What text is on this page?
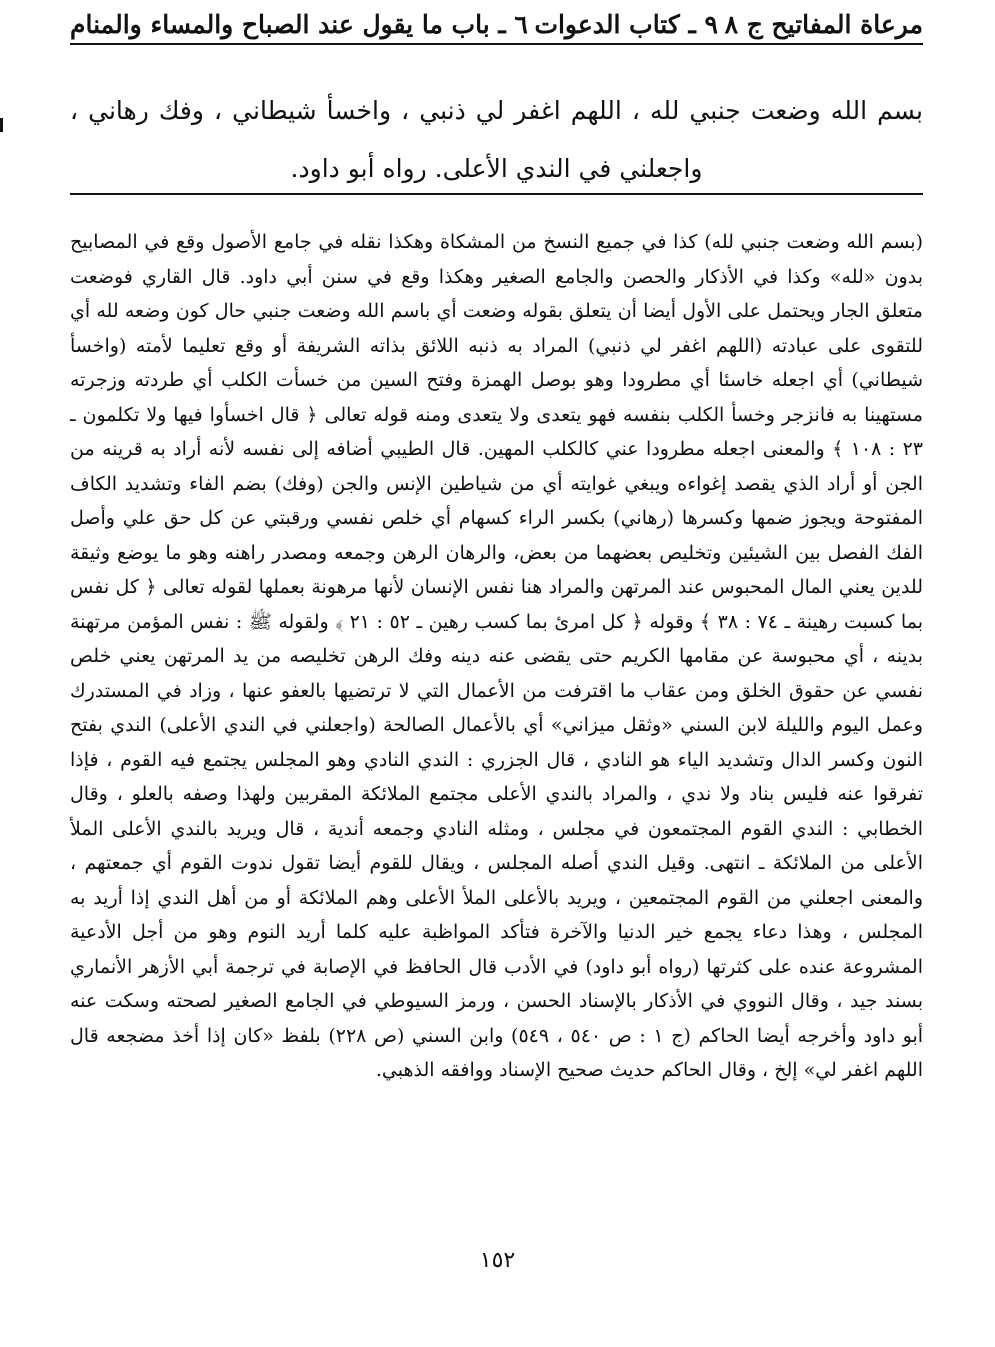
مرعاة المفاتيح ج ٨
٩ ـ كتاب الدعوات
٦ ـ باب ما يقول عند الصباح والمساء والمنام
بسم الله وضعت جنبي لله ، اللهم اغفر لي ذنبي ، واخسأ شيطاني ، وفك رهاني ، واجعلني في الندي الأعلى. رواه أبو داود.

(بسم الله وضعت جنبي لله) كذا في جميع النسخ من المشكاة وهكذا نقله في جامع الأصول وقع في المصابيح بدون «لله» وكذا في الأذكار والحصن والجامع الصغير وهكذا وقع في سنن أبي داود. قال القاري فوضعت متعلق الجار ويحتمل على الأول أيضا أن يتعلق بقوله وضعت أي باسم الله وضعت جنبي حال كون وضعه لله أي للتقوى على عبادته (اللهم اغفر لي ذنبي) المراد به ذنبه اللائق بذاته الشريفة أو وقع تعليما لأمته (واخسأ شيطاني) أي اجعله خاسئا أي مطرودا وهو بوصل الهمزة وفتح السين من خسأت الكلب أي طردته وزجرته مستهينا به فانزجر وخسأ الكلب بنفسه فهو يتعدى ولا يتعدى ومنه قوله تعالى ﴿ قال اخسأوا فيها ولا تكلمون ـ ٢٣ : ١٠٨ ﴾ والمعنى اجعله مطرودا عني كالكلب المهين. قال الطيبي أضافه إلى نفسه لأنه أراد به قرينه من الجن أو أراد الذي يقصد إغواءه ويبغي غوايته أي من شياطين الإنس والجن (وفك) بضم الفاء وتشديد الكاف المفتوحة ويجوز ضمها وكسرها (رهاني) بكسر الراء كسهام أي خلص نفسي ورقبتي عن كل حق علي وأصل الفك الفصل بين الشيئين وتخليص بعضهما من بعض، والرهان الرهن وجمعه ومصدر راهنه وهو ما يوضع وثيقة للدين يعني المال المحبوس عند المرتهن والمراد هنا نفس الإنسان لأنها مرهونة بعملها لقوله تعالى ﴿ كل نفس بما كسبت رهينة ـ ٧٤ : ٣٨ ﴾ وقوله ﴿ كل امرئ بما كسب رهين ـ ٥٢ : ٢١ ﴾ ولقوله ﷺ : نفس المؤمن مرتهنة بدينه ، أي محبوسة عن مقامها الكريم حتى يقضى عنه دينه وفك الرهن تخليصه من يد المرتهن يعني خلص نفسي عن حقوق الخلق ومن عقاب ما اقترفت من الأعمال التي لا ترتضيها بالعفو عنها ، وزاد في المستدرك وعمل اليوم والليلة لابن السني «وثقل ميزاني» أي بالأعمال الصالحة (واجعلني في الندي الأعلى) الندي بفتح النون وكسر الدال وتشديد الياء هو النادي ، قال الجزري : الندي النادي وهو المجلس يجتمع فيه القوم ، فإذا تفرقوا عنه فليس بناد ولا ندي ، والمراد بالندي الأعلى مجتمع الملائكة المقربين ولهذا وصفه بالعلو ، وقال الخطابي : الندي القوم المجتمعون في مجلس ، ومثله النادي وجمعه أندية ، قال ويريد بالندي الأعلى الملأ الأعلى من الملائكة ـ انتهى. وقيل الندي أصله المجلس ، ويقال للقوم أيضا تقول ندوت القوم أي جمعتهم ، والمعنى اجعلني من القوم المجتمعين ، ويريد بالأعلى الملأ الأعلى وهم الملائكة أو من أهل الندي إذا أريد به المجلس ، وهذا دعاء يجمع خير الدنيا والآخرة فتأكد المواظبة عليه كلما أريد النوم وهو من أجل الأدعية المشروعة عنده على كثرتها (رواه أبو داود) في الأدب قال الحافظ في الإصابة في ترجمة أبي الأزهر الأنماري بسند جيد ، وقال النووي في الأذكار بالإسناد الحسن ، ورمز السيوطي في الجامع الصغير لصحته وسكت عنه أبو داود وأخرجه أيضا الحاكم (ج ١ : ص ٥٤٠ ، ٥٤٩) وابن السني (ص ٢٢٨) بلفظ «كان إذا أخذ مضجعه قال اللهم اغفر لي» إلخ ، وقال الحاكم حديث صحيح الإسناد ووافقه الذهبي.

١٥٢
